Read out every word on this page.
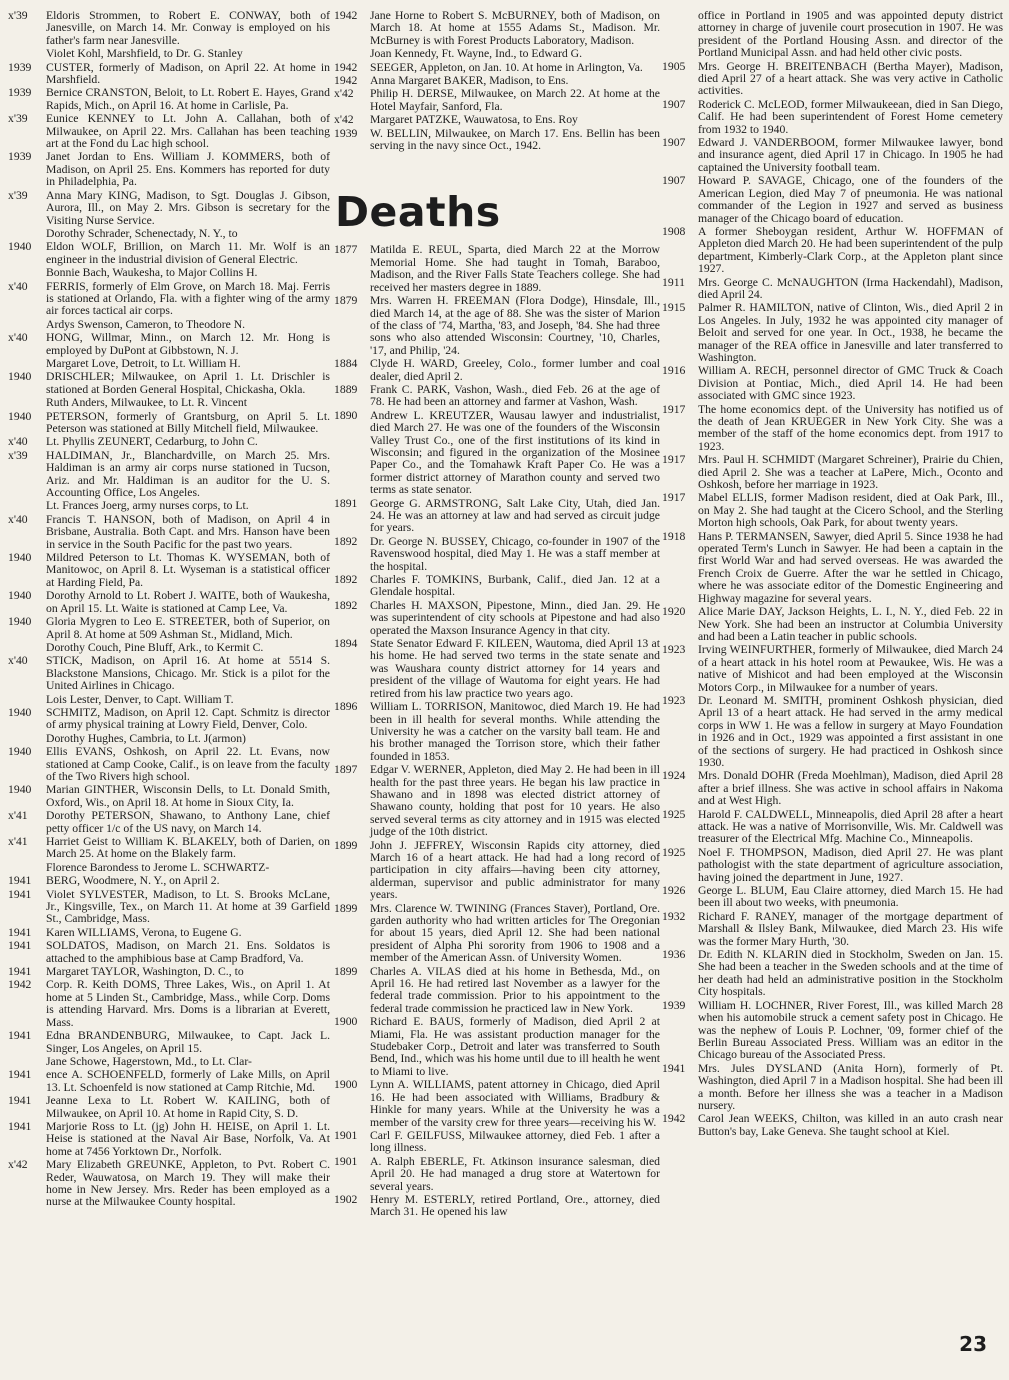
x'39	Eldoris Strommen, to Robert E. CONWAY, both of Janesville, on March 14. Mr. Conway is employed on his father's farm near Janesville.
Violet Kohl, Marshfield, to Dr. G. Stanley
1939	CUSTER, formerly of Madison, on April 22. At home in Marshfield.
1939	Bernice CRANSTON, Beloit, to Lt. Robert E. Hayes, Grand Rapids, Mich., on April 16. At home in Carlisle, Pa.
x'39	Eunice KENNEY to Lt. John A. Callahan, both of Milwaukee, on April 22. Mrs. Callahan has been teaching art at the Fond du Lac high school.
1939	Janet Jordan to Ens. William J. KOMMERS, both of Madison, on April 25. Ens. Kommers has reported for duty in Philadelphia, Pa.
x'39	Anna Mary KING, Madison, to Sgt. Douglas J. Gibson, Aurora, Ill., on May 2. Mrs. Gibson is secretary for the Visiting Nurse Service.
Dorothy Schrader, Schenectady, N. Y., to
1940	Eldon WOLF, Brillion, on March 11. Mr. Wolf is an engineer in the industrial division of General Electric.
Bonnie Bach, Waukesha, to Major Collins H.
x'40	FERRIS, formerly of Elm Grove, on March 18. Maj. Ferris is stationed at Orlando, Fla. with a fighter wing of the army air forces tactical air corps.
Ardys Swenson, Cameron, to Theodore N.
x'40	HONG, Willmar, Minn., on March 12. Mr. Hong is employed by DuPont at Gibbstown, N. J.
Margaret Love, Detroit, to Lt. William H.
1940	DRISCHLER; Milwaukee, on April 1. Lt. Drischler is stationed at Borden General Hospital, Chickasha, Okla.
Ruth Anders, Milwaukee, to Lt. R. Vincent
1940	PETERSON, formerly of Grantsburg, on April 5. Lt. Peterson was stationed at Billy Mitchell field, Milwaukee.
x'40	Lt. Phyllis ZEUNERT, Cedarburg, to John C.
x'39	HALDIMAN, Jr., Blanchardville, on March 25. Mrs. Haldiman is an army air corps nurse stationed in Tucson, Ariz. and Mr. Haldiman is an auditor for the U. S. Accounting Office, Los Angeles.
Lt. Frances Joerg, army nurses corps, to Lt.
x'40	Francis T. HANSON, both of Madison, on April 4 in Brisbane, Australia. Both Capt. and Mrs. Hanson have been in service in the South Pacific for the past two years.
1940	Mildred Peterson to Lt. Thomas K. WYSEMAN, both of Manitowoc, on April 8. Lt. Wyseman is a statistical officer at Harding Field, Pa.
1940	Dorothy Arnold to Lt. Robert J. WAITE, both of Waukesha, on April 15. Lt. Waite is stationed at Camp Lee, Va.
1940	Gloria Mygren to Leo E. STREETER, both of Superior, on April 8. At home at 509 Ashman St., Midland, Mich.
Dorothy Couch, Pine Bluff, Ark., to Kermit C.
x'40	STICK, Madison, on April 16. At home at 5514 S. Blackstone Mansions, Chicago. Mr. Stick is a pilot for the United Airlines in Chicago.
Lois Lester, Denver, to Capt. William T.
1940	SCHMITZ, Madison, on April 12. Capt. Schmitz is director of army physical training at Lowry Field, Denver, Colo.
Dorothy Hughes, Cambria, to Lt. J(armon)
1940	Ellis EVANS, Oshkosh, on April 22. Lt. Evans, now stationed at Camp Cooke, Calif., is on leave from the faculty of the Two Rivers high school.
1940	Marian GINTHER, Wisconsin Dells, to Lt. Donald Smith, Oxford, Wis., on April 18. At home in Sioux City, Ia.
x'41	Dorothy PETERSON, Shawano, to Anthony Lane, chief petty officer 1/c of the US navy, on March 14.
x'41	Harriet Geist to William K. BLAKELY, both of Darien, on March 25. At home on the Blakely farm.
Florence Barondess to Jerome L. SCHWARTZ-
1941	BERG, Woodmere, N. Y., on April 2.
1941	Violet SYLVESTER, Madison, to Lt. S. Brooks McLane, Jr., Kingsville, Tex., on March 11. At home at 39 Garfield St., Cambridge, Mass.
1941	Karen WILLIAMS, Verona, to Eugene G.
1941	SOLDATOS, Madison, on March 21. Ens. Soldatos is attached to the amphibious base at Camp Bradford, Va.
1941	Margaret TAYLOR, Washington, D. C., to
1942	Corp. R. Keith DOMS, Three Lakes, Wis., on April 1. At home at 5 Linden St., Cambridge, Mass., while Corp. Doms is attending Harvard. Mrs. Doms is a librarian at Everett, Mass.
1941	Edna BRANDENBURG, Milwaukee, to Capt. Jack L. Singer, Los Angeles, on April 15.
Jane Schowe, Hagerstown, Md., to Lt. Clar-
1941	ence A. SCHOENFELD, formerly of Lake Mills, on April 13. Lt. Schoenfeld is now stationed at Camp Ritchie, Md.
1941	Jeanne Lexa to Lt. Robert W. KAILING, both of Milwaukee, on April 10. At home in Rapid City, S. D.
1941	Marjorie Ross to Lt. (jg) John H. HEISE, on April 1. Lt. Heise is stationed at the Naval Air Base, Norfolk, Va. At home at 7456 Yorktown Dr., Norfolk.
x'42	Mary Elizabeth GREUNKE, Appleton, to Pvt. Robert C. Reder, Wauwatosa, on March 19. They will make their home in New Jersey. Mrs. Reder has been employed as a nurse at the Milwaukee County hospital.
1942	Jane Horne to Robert S. McBURNEY, both of Madison, on March 18. At home at 1555 Adams St., Madison. Mr. McBurney is with Forest Products Laboratory, Madison.
Joan Kennedy, Ft. Wayne, Ind., to Edward G.
1942	SEEGER, Appleton, on Jan. 10. At home in Arlington, Va.
1942	Anna Margaret BAKER, Madison, to Ens.
x'42	Philip H. DERSE, Milwaukee, on March 22. At home at the Hotel Mayfair, Sanford, Fla.
x'42	Margaret PATZKE, Wauwatosa, to Ens. Roy
1939	W. BELLIN, Milwaukee, on March 17. Ens. Bellin has been serving in the navy since Oct., 1942.
Deaths
1877	Matilda E. REUL, Sparta, died March 22 at the Morrow Memorial Home. She had taught in Tomah, Baraboo, Madison, and the River Falls State Teachers college. She had received her masters degree in 1889.
1879	Mrs. Warren H. FREEMAN (Flora Dodge), Hinsdale, Ill., died March 14, at the age of 88. She was the sister of Marion of the class of '74, Martha, '83, and Joseph, '84. She had three sons who also attended Wisconsin: Courtney, '10, Charles, '17, and Philip, '24.
1884	Clyde H. WARD, Greeley, Colo., former lumber and coal dealer, died April 2.
1889	Frank C. PARK, Vashon, Wash., died Feb. 26 at the age of 78. He had been an attorney and farmer at Vashon, Wash.
1890	Andrew L. KREUTZER, Wausau lawyer and industrialist, died March 27. He was one of the founders of the Wisconsin Valley Trust Co., one of the first institutions of its kind in Wisconsin; and figured in the organization of the Mosinee Paper Co., and the Tomahawk Kraft Paper Co. He was a former district attorney of Marathon county and served two terms as state senator.
1891	George G. ARMSTRONG, Salt Lake City, Utah, died Jan. 24. He was an attorney at law and had served as circuit judge for years.
1892	Dr. George N. BUSSEY, Chicago, co-founder in 1907 of the Ravenswood hospital, died May 1. He was a staff member at the hospital.
1892	Charles F. TOMKINS, Burbank, Calif., died Jan. 12 at a Glendale hospital.
1892	Charles H. MAXSON, Pipestone, Minn., died Jan. 29. He was superintendent of city schools at Pipestone and had also operated the Maxson Insurance Agency in that city.
1894	State Senator Edward F. KILEEN, Wautoma, died April 13 at his home. He had served two terms in the state senate and was Waushara county district attorney for 14 years and president of the village of Wautoma for eight years. He had retired from his law practice two years ago.
1896	William L. TORRISON, Manitowoc, died March 19. He had been in ill health for several months. While attending the University he was a catcher on the varsity ball team. He and his brother managed the Torrison store, which their father founded in 1853.
1897	Edgar V. WERNER, Appleton, died May 2. He had been in ill health for the past three years. He began his law practice in Shawano and in 1898 was elected district attorney of Shawano county, holding that post for 10 years. He also served several terms as city attorney and in 1915 was elected judge of the 10th district.
1899	John J. JEFFREY, Wisconsin Rapids city attorney, died March 16 of a heart attack. He had had a long record of participation in city affairs—having been city attorney, alderman, supervisor and public administrator for many years.
1899	Mrs. Clarence W. TWINING (Frances Staver), Portland, Ore. garden authority who had written articles for The Oregonian for about 15 years, died April 12. She had been national president of Alpha Phi sorority from 1906 to 1908 and a member of the American Assn. of University Women.
1899	Charles A. VILAS died at his home in Bethesda, Md., on April 16. He had retired last November as a lawyer for the federal trade commission. Prior to his appointment to the federal trade commission he practiced law in New York.
1900	Richard E. BAUS, formerly of Madison, died April 2 at Miami, Fla. He was assistant production manager for the Studebaker Corp., Detroit and later was transferred to South Bend, Ind., which was his home until due to ill health he went to Miami to live.
1900	Lynn A. WILLIAMS, patent attorney in Chicago, died April 16. He had been associated with Williams, Bradbury & Hinkle for many years. While at the University he was a member of the varsity crew for three years—receiving his W.
1901	Carl F. GEILFUSS, Milwaukee attorney, died Feb. 1 after a long illness.
1901	A. Ralph EBERLE, Ft. Atkinson insurance salesman, died April 20. He had managed a drug store at Watertown for several years.
1902	Henry M. ESTERLY, retired Portland, Ore., attorney, died March 31. He opened his law
office in Portland in 1905 and was appointed deputy district attorney in charge of juvenile court prosecution in 1907. He was president of the Portland Housing Assn. and director of the Portland Municipal Assn. and had held other civic posts.
1905	Mrs. George H. BREITENBACH (Bertha Mayer), Madison, died April 27 of a heart attack. She was very active in Catholic activities.
1907	Roderick C. McLEOD, former Milwaukeean, died in San Diego, Calif. He had been superintendent of Forest Home cemetery from 1932 to 1940.
1907	Edward J. VANDERBOOM, former Milwaukee lawyer, bond and insurance agent, died April 17 in Chicago. In 1905 he had captained the University football team.
1907	Howard P. SAVAGE, Chicago, one of the founders of the American Legion, died May 7 of pneumonia. He was national commander of the Legion in 1927 and served as business manager of the Chicago board of education.
1908	A former Sheboygan resident, Arthur W. HOFFMAN of Appleton died March 20. He had been superintendent of the pulp department, Kimberly-Clark Corp., at the Appleton plant since 1927.
1911	Mrs. George C. McNAUGHTON (Irma Hackendahl), Madison, died April 24.
1915	Palmer R. HAMILTON, native of Clinton, Wis., died April 2 in Los Angeles. In July, 1932 he was appointed city manager of Beloit and served for one year. In Oct., 1938, he became the manager of the REA office in Janesville and later transferred to Washington.
1916	William A. RECH, personnel director of GMC Truck & Coach Division at Pontiac, Mich., died April 14. He had been associated with GMC since 1923.
1917	The home economics dept. of the University has notified us of the death of Jean KRUEGER in New York City. She was a member of the staff of the home economics dept. from 1917 to 1923.
1917	Mrs. Paul H. SCHMIDT (Margaret Schreiner), Prairie du Chien, died April 2. She was a teacher at LaPere, Mich., Oconto and Oshkosh, before her marriage in 1923.
1917	Mabel ELLIS, former Madison resident, died at Oak Park, Ill., on May 2. She had taught at the Cicero School, and the Sterling Morton high schools, Oak Park, for about twenty years.
1918	Hans P. TERMANSEN, Sawyer, died April 5. Since 1938 he had operated Term's Lunch in Sawyer. He had been a captain in the first World War and had served overseas. He was awarded the French Croix de Guerre. After the war he settled in Chicago, where he was associate editor of the Domestic Engineering and Highway magazine for several years.
1920	Alice Marie DAY, Jackson Heights, L. I., N. Y., died Feb. 22 in New York. She had been an instructor at Columbia University and had been a Latin teacher in public schools.
1923	Irving WEINFURTHER, formerly of Milwaukee, died March 24 of a heart attack in his hotel room at Pewaukee, Wis. He was a native of Mishicot and had been employed at the Wisconsin Motors Corp., in Milwaukee for a number of years.
1923	Dr. Leonard M. SMITH, prominent Oshkosh physician, died April 13 of a heart attack. He had served in the army medical corps in WW 1. He was a fellow in surgery at Mayo Foundation in 1926 and in Oct., 1929 was appointed a first assistant in one of the sections of surgery. He had practiced in Oshkosh since 1930.
1924	Mrs. Donald DOHR (Freda Moehlman), Madison, died April 28 after a brief illness. She was active in school affairs in Nakoma and at West High.
1925	Harold F. CALDWELL, Minneapolis, died April 28 after a heart attack. He was a native of Morrisonville, Wis. Mr. Caldwell was treasurer of the Electrical Mfg. Machine Co., Minneapolis.
1925	Noel F. THOMPSON, Madison, died April 27. He was plant pathologist with the state department of agriculture association, having joined the department in June, 1927.
1926	George L. BLUM, Eau Claire attorney, died March 15. He had been ill about two weeks, with pneumonia.
1932	Richard F. RANEY, manager of the mortgage department of Marshall & Ilsley Bank, Milwaukee, died March 23. His wife was the former Mary Hurth, '30.
1936	Dr. Edith N. KLARIN died in Stockholm, Sweden on Jan. 15. She had been a teacher in the Sweden schools and at the time of her death had held an administrative position in the Stockholm City hospitals.
1939	William H. LOCHNER, River Forest, Ill., was killed March 28 when his automobile struck a cement safety post in Chicago. He was the nephew of Louis P. Lochner, '09, former chief of the Berlin Bureau Associated Press. William was an editor in the Chicago bureau of the Associated Press.
1941	Mrs. Jules DYSLAND (Anita Horn), formerly of Pt. Washington, died April 7 in a Madison hospital. She had been ill a month. Before her illness she was a teacher in a Madison nursery.
1942	Carol Jean WEEKS, Chilton, was killed in an auto crash near Button's bay, Lake Geneva. She taught school at Kiel.
23
